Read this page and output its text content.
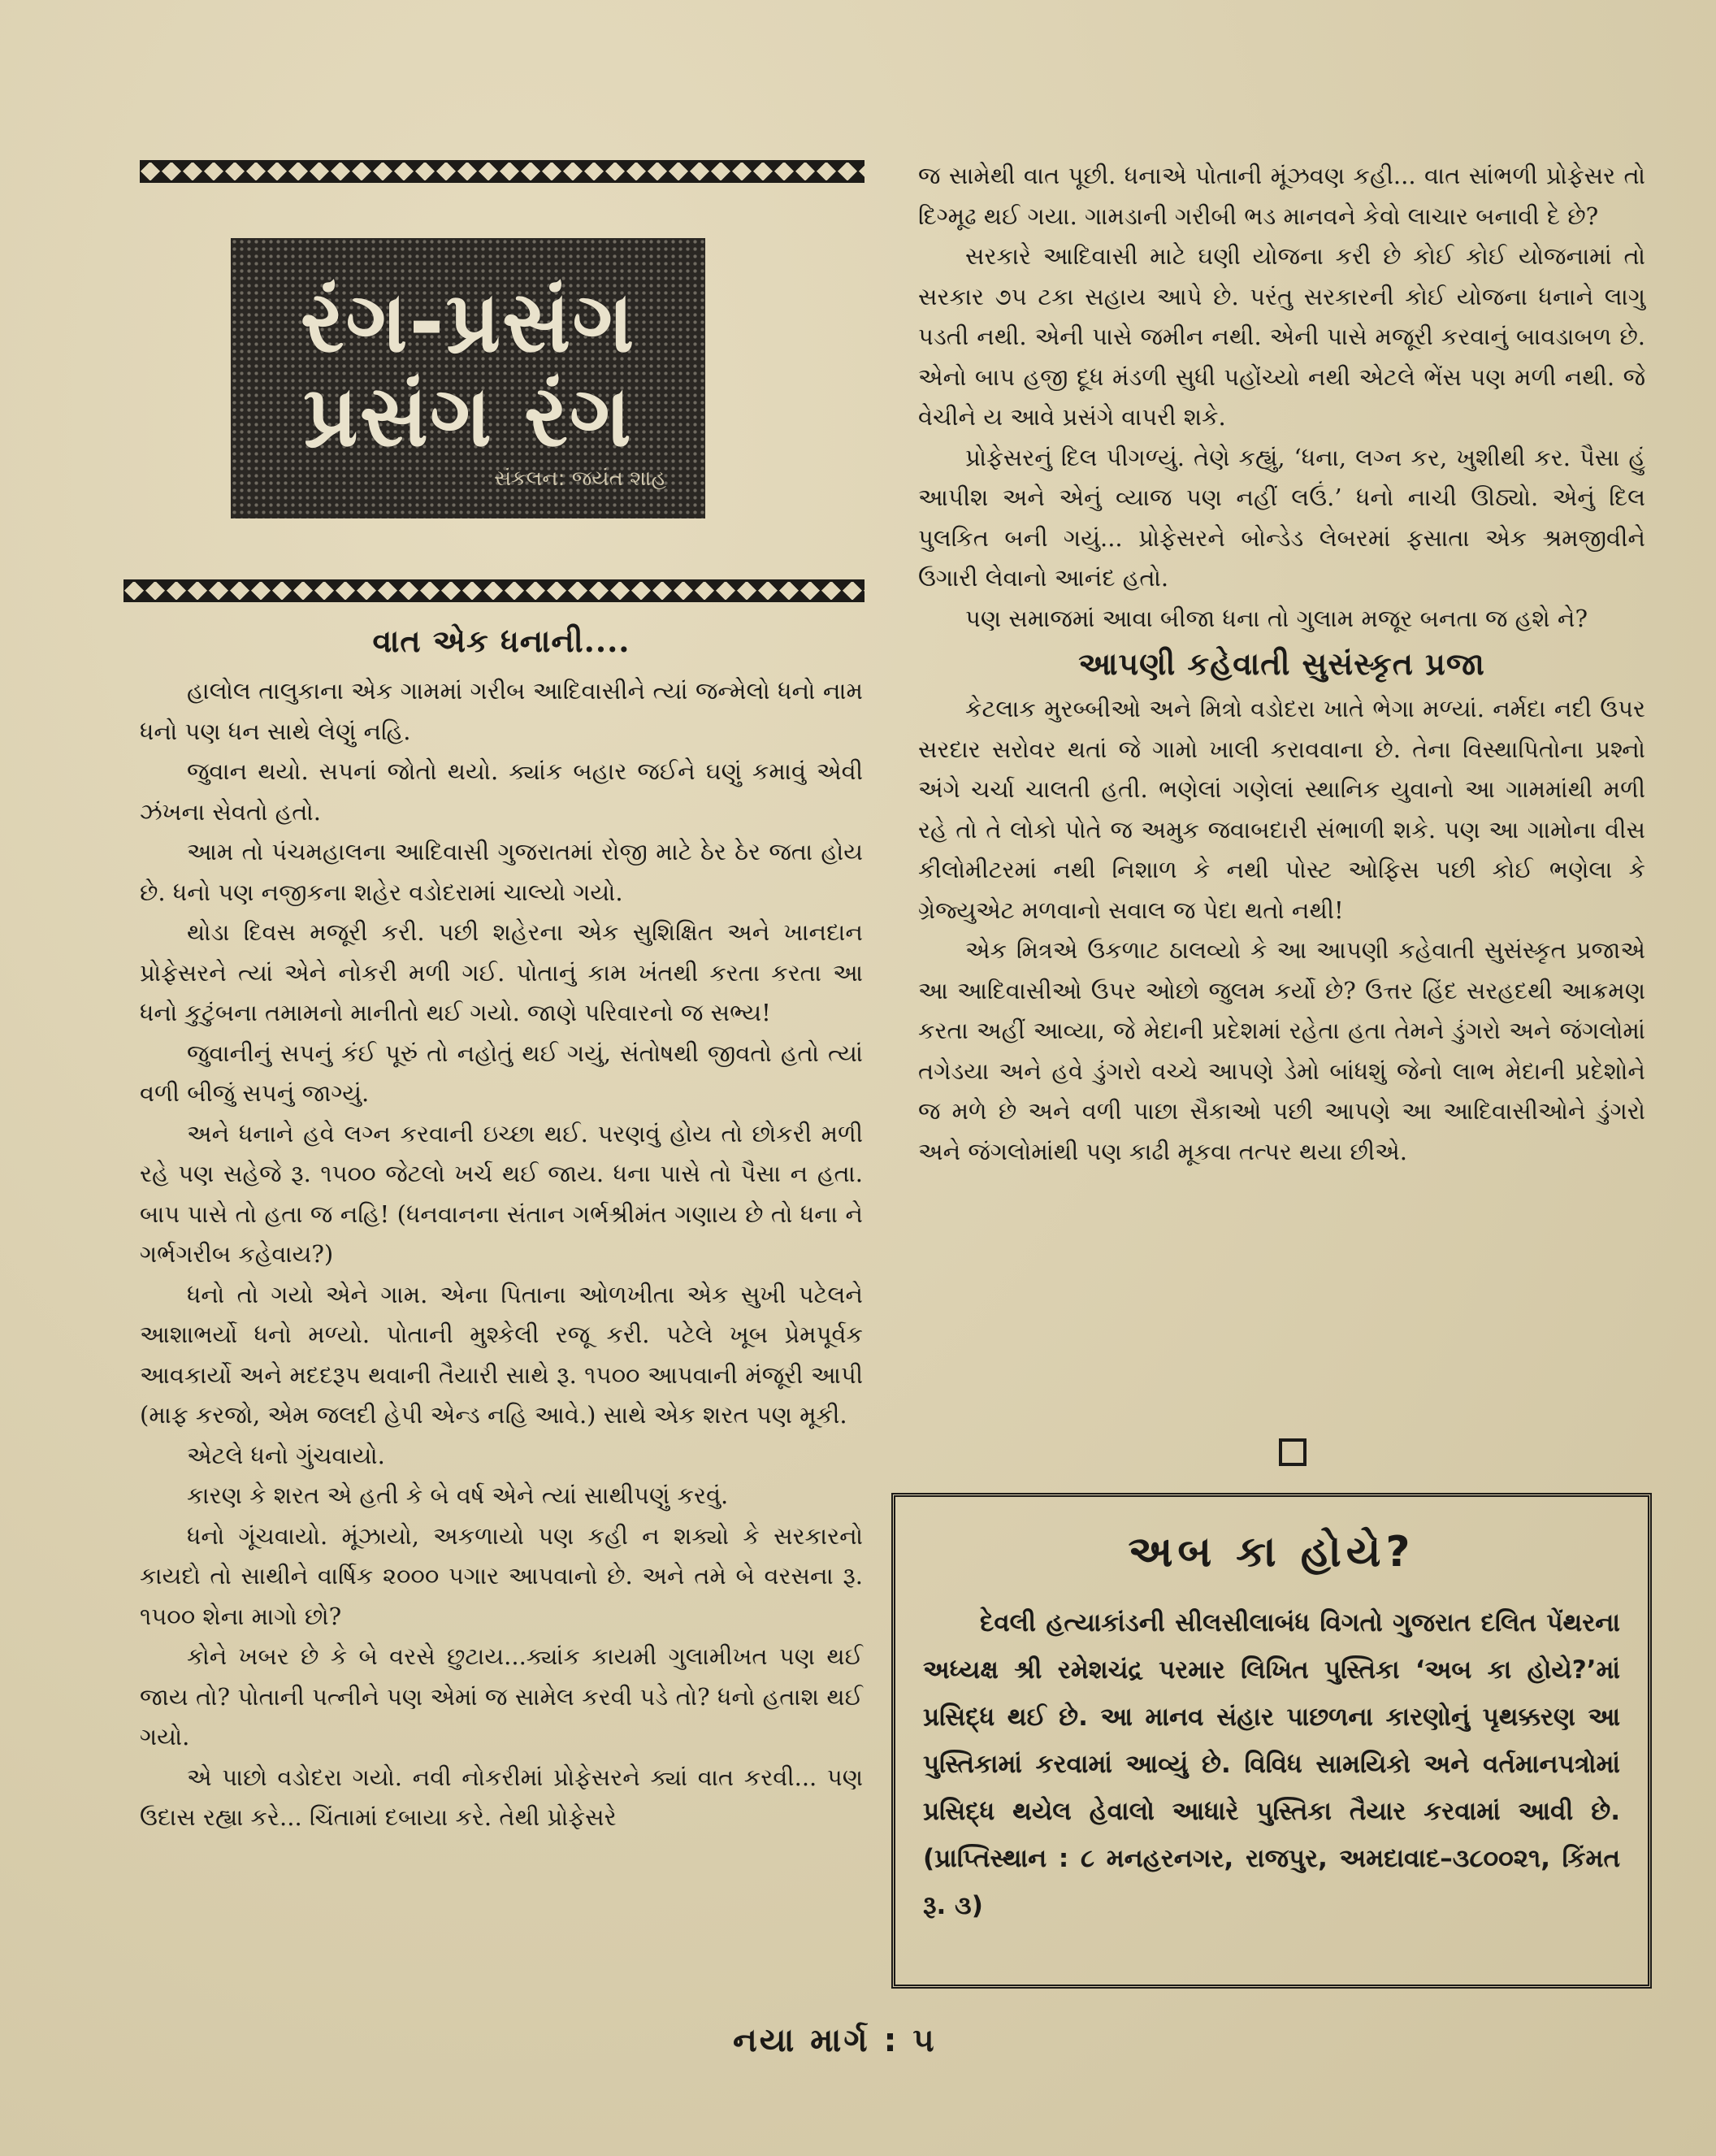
રંગ-પ્રસંગ
પ્રસંગ રંગ
સંકલન: જયંત શાહ
વાત એક ધનાની....

હાલોલ તાલુકાના એક ગામમાં ગરીબ આદિવાસીને ત્યાં જન્મેલો ધનો નામ ધનો પણ ધન સાથે લેણું નહિ.

જુવાન થયો. સપનાં જોતો થયો. ક્યાંક બહાર જઈને ઘણું કમાવું એવી ઝંખના સેવતો હતો.

આમ તો પંચમહાલના આદિવાસી ગુજરાતમાં રોજી માટે ઠેર ઠેર જતા હોય છે. ધનો પણ નજીકના શહેર વડોદરામાં ચાલ્યો ગયો.

થોડા દિવસ મજૂરી કરી. પછી શહેરના એક સુશિક્ષિત અને ખાનદાન પ્રોફેસરને ત્યાં એને નોકરી મળી ગઈ. પોતાનું કામ ખંતથી કરતા કરતા આ ધનો કુટુંબના તમામનો માનીતો થઈ ગયો. જાણે પરિવારનો જ સભ્ય!

જુવાનીનું સપનું કંઈ પૂરું તો નહોતું થઈ ગયું, સંતોષથી જીવતો હતો ત્યાં વળી બીજું સપનું જાગ્યું.

અને ધનાને હવે લગ્ન કરવાની ઇચ્છા થઈ. પરણવું હોય તો છોકરી મળી રહે પણ સહેજે રૂ. ૧૫૦૦ જેટલો ખર્ચ થઈ જાય. ધના પાસે તો પૈસા ન હતા. બાપ પાસે તો હતા જ નહિ! (ધનવાનના સંતાન ગર્ભશ્રીમંત ગણાય છે તો ધના ને ગર્ભગરીબ કહેવાય?)

ધનો તો ગયો એને ગામ. એના પિતાના ઓળખીતા એક સુખી પટેલને આશાભર્યો ધનો મળ્યો. પોતાની મુશ્કેલી રજૂ કરી. પટેલે ખૂબ પ્રેમપૂર્વક આવકાર્યો અને મદદરૂપ થવાની તૈયારી સાથે રૂ. ૧૫૦૦ આપવાની મંજૂરી આપી (માફ કરજો, એમ જલદી હેપી એન્ડ નહિ આવે.) સાથે એક શરત પણ મૂકી.

એટલે ધનો ગુંચવાયો.

કારણ કે શરત એ હતી કે બે વર્ષ એને ત્યાં સાથીપણું કરવું.

ધનો ગૂંચવાયો. મૂંઝાયો, અકળાયો પણ કહી ન શક્યો કે સરકારનો કાયદો તો સાથીને વાર્ષિક ૨૦૦૦ પગાર આપવાનો છે. અને તમે બે વરસના રૂ. ૧૫૦૦ શેના માગો છો?

કોને ખબર છે કે બે વરસે છુટાય...ક્યાંક કાયમી ગુલામીખત પણ થઈ જાય તો? પોતાની પત્નીને પણ એમાં જ સામેલ કરવી પડે તો? ધનો હતાશ થઈ ગયો.

એ પાછો વડોદરા ગયો. નવી નોકરીમાં પ્રોફેસરને ક્યાં વાત કરવી... પણ ઉદાસ રહ્યા કરે... ચિંતામાં દબાયા કરે. તેથી પ્રોફેસરે

જ સામેથી વાત પૂછી. ધનાએ પોતાની મૂંઝવણ કહી... વાત સાંભળી પ્રોફેસર તો દિગ્મૂઢ થઈ ગયા. ગામડાની ગરીબી ભડ માનવને કેવો લાચાર બનાવી દે છે?

સરકારે આદિવાસી માટે ઘણી યોજના કરી છે કોઈ કોઈ યોજનામાં તો સરકાર ૭૫ ટકા સહાય આપે છે. પરંતુ સરકારની કોઈ યોજના ધનાને લાગુ પડતી નથી. એની પાસે જમીન નથી. એની પાસે મજૂરી કરવાનું બાવડાબળ છે. એનો બાપ હજી દૂધ મંડળી સુધી પહોંચ્યો નથી એટલે ભેંસ પણ મળી નથી. જે વેચીને ય આવે પ્રસંગે વાપરી શકે.

પ્રોફેસરનું દિલ પીગળ્યું. તેણે કહ્યું, ‘ધના, લગ્ન કર, ખુશીથી કર. પૈસા હું આપીશ અને એનું વ્યાજ પણ નહીં લઉં.’ ધનો નાચી ઊઠ્યો. એનું દિલ પુલકિત બની ગયું... પ્રોફેસરને બોન્ડેડ લેબરમાં ફસાતા એક શ્રમજીવીને ઉગારી લેવાનો આનંદ હતો.

પણ સમાજમાં આવા બીજા ધના તો ગુલામ મજૂર બનતા જ હશે ને?

આપણી કહેવાતી સુસંસ્કૃત પ્રજા

કેટલાક મુરબ્બીઓ અને મિત્રો વડોદરા ખાતે ભેગા મળ્યાં. નર્મદા નદી ઉપર સરદાર સરોવર થતાં જે ગામો ખાલી કરાવવાના છે. તેના વિસ્થાપિતોના પ્રશ્નો અંગે ચર્ચા ચાલતી હતી. ભણેલાં ગણેલાં સ્થાનિક યુવાનો આ ગામમાંથી મળી રહે તો તે લોકો પોતે જ અમુક જવાબદારી સંભાળી શકે. પણ આ ગામોના વીસ કીલોમીટરમાં નથી નિશાળ કે નથી પોસ્ટ ઓફિસ પછી કોઈ ભણેલા કે ગ્રેજ્યુએટ મળવાનો સવાલ જ પેદા થતો નથી!

એક મિત્રએ ઉકળાટ ઠાલવ્યો કે આ આપણી કહેવાતી સુસંસ્કૃત પ્રજાએ આ આદિવાસીઓ ઉપર ઓછો જુલમ કર્યો છે? ઉત્તર હિંદ સરહદથી આક્રમણ કરતા અહીં આવ્યા, જે મેદાની પ્રદેશમાં રહેતા હતા તેમને ડુંગરો અને જંગલોમાં તગેડયા અને હવે ડુંગરો વચ્ચે આપણે ડેમો બાંધશું જેનો લાભ મેદાની પ્રદેશોને જ મળે છે અને વળી પાછા સૈકાઓ પછી આપણે આ આદિવાસીઓને ડુંગરો અને જંગલોમાંથી પણ કાઢી મૂકવા તત્પર થયા છીએ.

અબ કા હોયે?

દેવલી હત્યાકાંડની સીલસીલાબંધ વિગતો ગુજરાત દલિત પેંથરના અધ્યક્ષ શ્રી રમેશચંદ્ર પરમાર લિખિત પુસ્તિકા ‘અબ કા હોયે?’માં પ્રસિદ્ધ થઈ છે. આ માનવ સંહાર પાછળના કારણોનું પૃથક્કરણ આ પુસ્તિકામાં કરવામાં આવ્યું છે. વિવિધ સામયિકો અને વર્તમાનપત્રોમાં પ્રસિદ્ધ થયેલ હેવાલો આધારે પુસ્તિકા તૈયાર કરવામાં આવી છે. (પ્રાપ્તિસ્થાન : ૮ મનહરનગર, રાજપુર, અમદાવાદ–૩૮૦૦૨૧, કિંમત રૂ. ૩)

નયા માર્ગ : ૫
